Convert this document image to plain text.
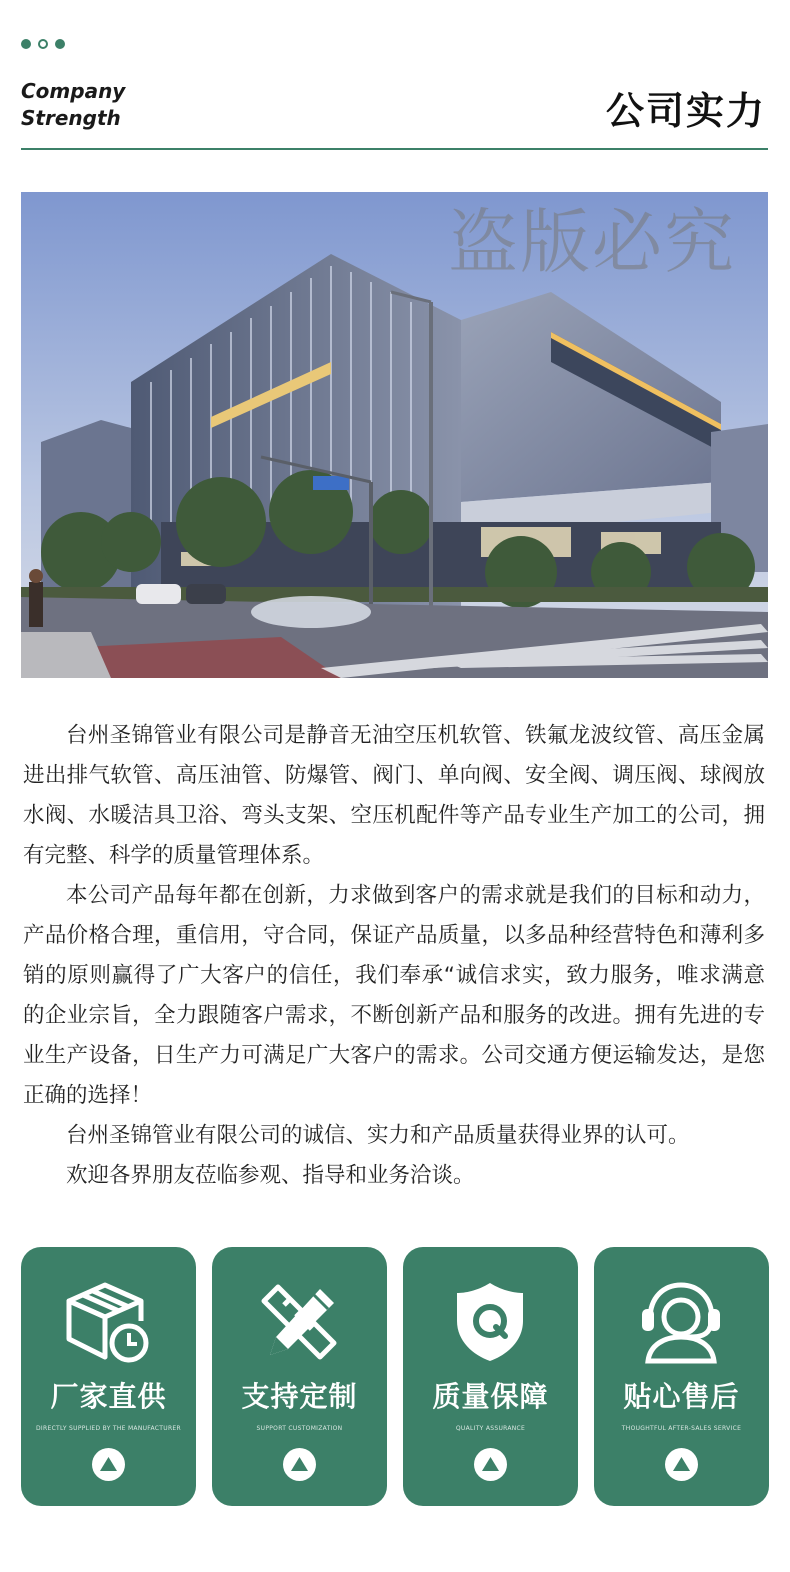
Company
Strength	公司实力
盗版必究

台州圣锦管业有限公司是静音无油空压机软管、铁氟龙波纹管、高压金属进出排气软管、高压油管、防爆管、阀门、单向阀、安全阀、调压阀、球阀放水阀、水暖洁具卫浴、弯头支架、空压机配件等产品专业生产加工的公司，拥有完整、科学的质量管理体系。

本公司产品每年都在创新，力求做到客户的需求就是我们的目标和动力，产品价格合理，重信用，守合同，保证产品质量，以多品种经营特色和薄利多销的原则赢得了广大客户的信任，我们奉承“诚信求实，致力服务，唯求满意的企业宗旨，全力跟随客户需求，不断创新产品和服务的改进。拥有先进的专业生产设备，日生产力可满足广大客户的需求。公司交通方便运输发达，是您正确的选择！

台州圣锦管业有限公司的诚信、实力和产品质量获得业界的认可。

欢迎各界朋友莅临参观、指导和业务洽谈。

厂家直供
DIRECTLY SUPPLIED BY THE MANUFACTURER
支持定制
SUPPORT CUSTOMIZATION
质量保障
QUALITY ASSURANCE
贴心售后
THOUGHTFUL AFTER-SALES SERVICE
